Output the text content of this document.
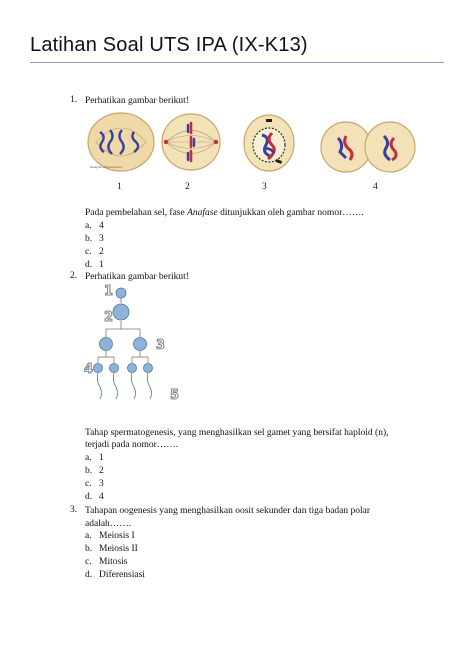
Latihan Soal UTS IPA (IX-K13)
1. Perhatikan gambar berikut!
Daughter chromosomes
1	2	3	4
Pada pembelahan sel, fase Anafase ditunjukkan oleh gambar nomor…….
a. 4
b. 3
c. 2
d. 1
2. Perhatikan gambar berikut!
1
2
3
4
5
Tahap spermatogenesis, yang menghasilkan sel gamet yang bersifat haploid (n),
terjadi pada nomor…….
a. 1
b. 2
c. 3
d. 4
3. Tahapan oogenesis yang menghasilkan oosit sekunder dan tiga badan polar
adalah…….
a. Meiosis I
b. Meiosis II
c. Mitosis
d. Diferensiasi
